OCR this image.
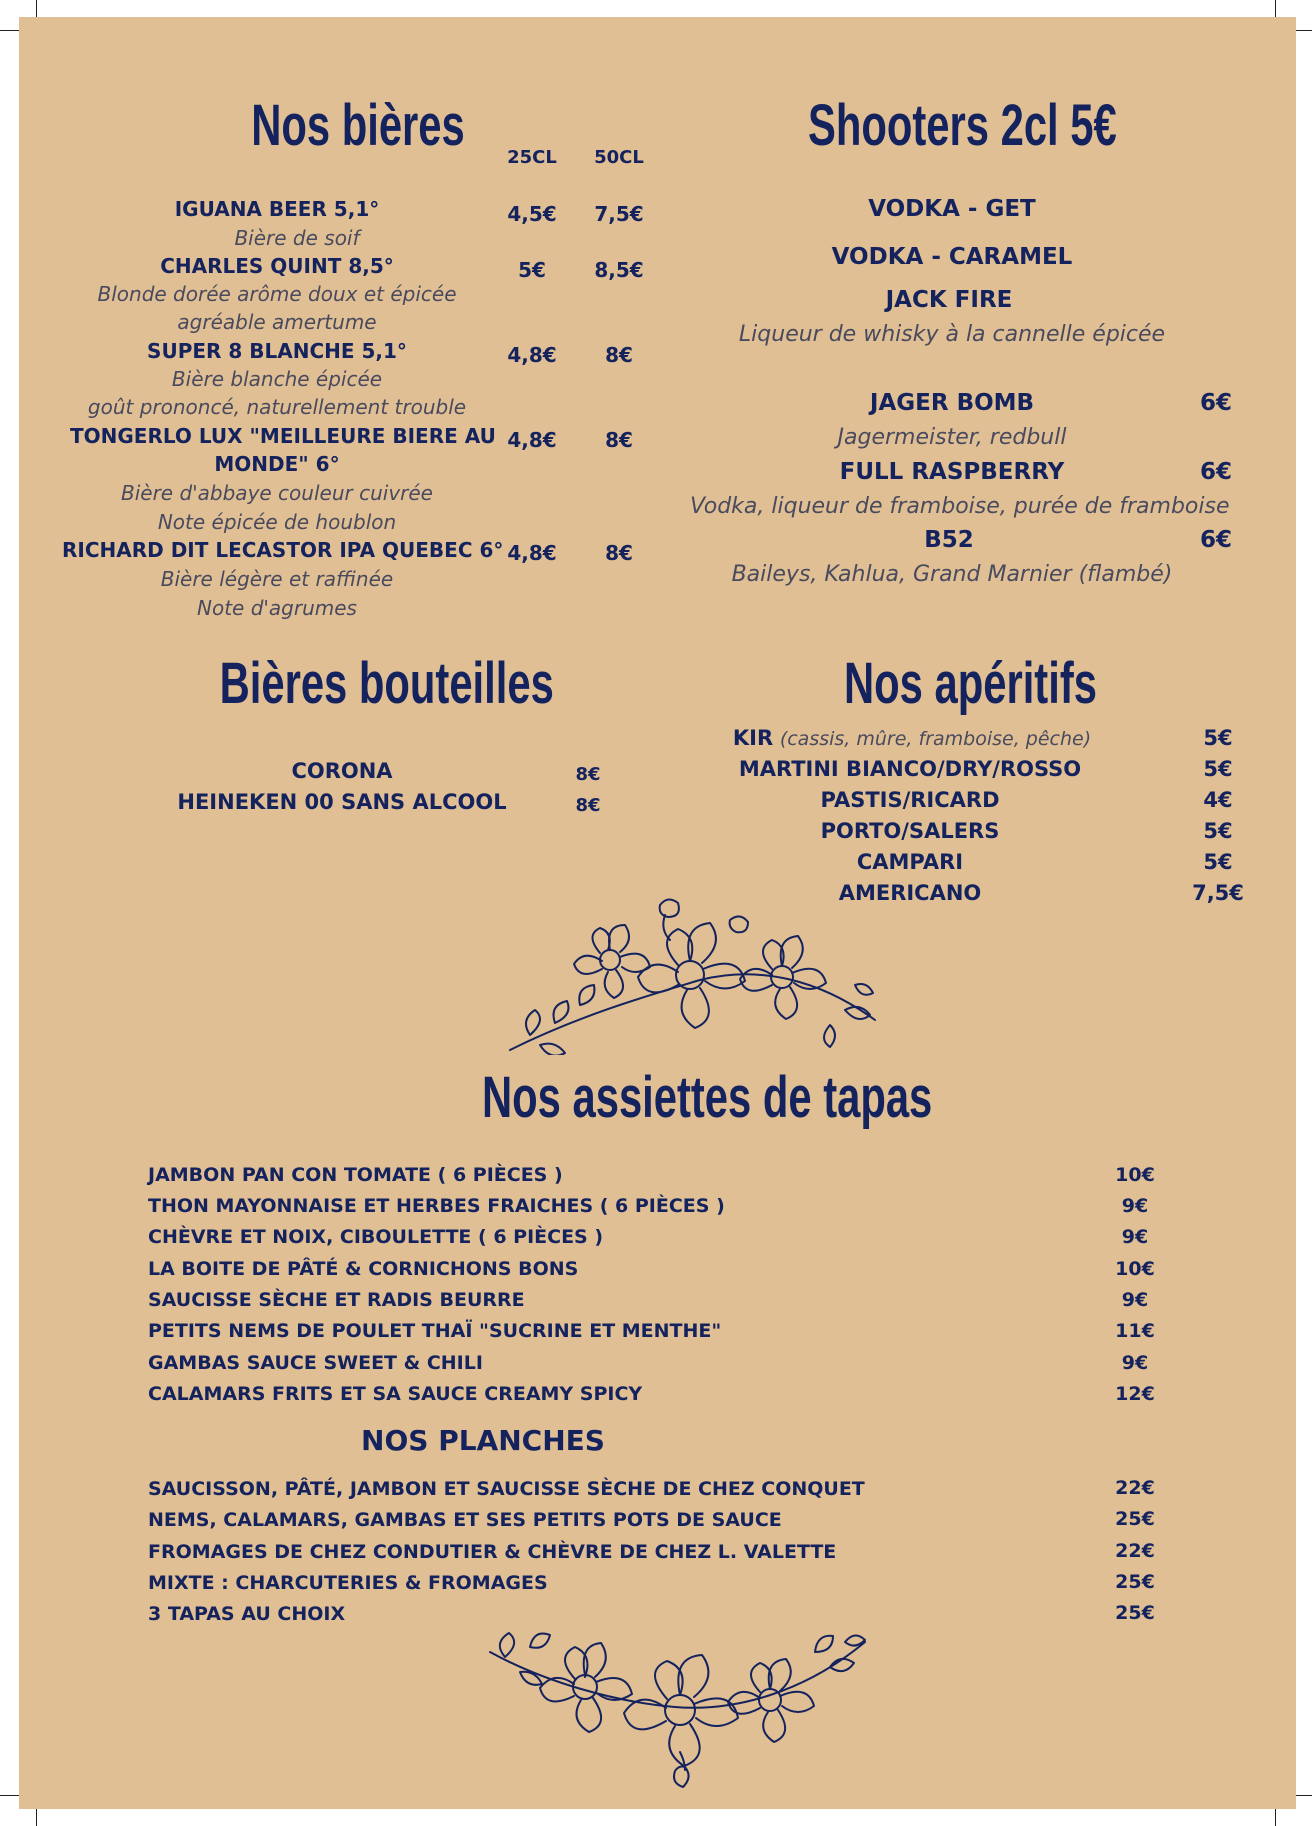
Nos bières	25CL	50CL
IGUANA BEER 5,1°	4,5€	7,5€
Bière de soif
CHARLES QUINT 8,5°	5€	8,5€
Blonde dorée arôme doux et épicée
agréable amertume
SUPER 8 BLANCHE 5,1°	4,8€	8€
Bière blanche épicée
goût prononcé, naturellement trouble
TONGERLO LUX "MEILLEURE BIERE AU
MONDE" 6°
4,8€	8€
Bière d'abbaye couleur cuivrée
Note épicée de houblon
RICHARD DIT LECASTOR IPA QUEBEC 6° 4,8€	8€
Bière légère et raffinée
Note d'agrumes
Shooters 2cl 5€
VODKA - GET
VODKA - CARAMEL
JACK FIRE
Liqueur de whisky à la cannelle épicée
JAGER BOMB	6€
Jagermeister, redbull
FULL RASPBERRY	6€
Vodka, liqueur de framboise, purée de framboise
B52	6€
Baileys, Kahlua, Grand Marnier (flambé)
Bières bouteilles
CORONA	8€
HEINEKEN 00 SANS ALCOOL	8€
Nos apéritifs
KIR (cassis, mûre, framboise, pêche)	5€
MARTINI BIANCO/DRY/ROSSO	5€
PASTIS/RICARD	4€
PORTO/SALERS	5€
CAMPARI	5€
AMERICANO	7,5€
Nos assiettes de tapas
JAMBON PAN CON TOMATE ( 6 PIÈCES )	10€
THON MAYONNAISE ET HERBES FRAICHES ( 6 PIÈCES )	9€
CHÈVRE ET NOIX, CIBOULETTE ( 6 PIÈCES )	9€
LA BOITE DE PÂTÉ & CORNICHONS BONS	10€
SAUCISSE SÈCHE ET RADIS BEURRE	9€
PETITS NEMS DE POULET THAÏ "SUCRINE ET MENTHE"	11€
GAMBAS SAUCE SWEET & CHILI	9€
CALAMARS FRITS ET SA SAUCE CREAMY SPICY	12€
NOS PLANCHES
SAUCISSON, PÂTÉ, JAMBON ET SAUCISSE SÈCHE DE CHEZ CONQUET	22€
NEMS, CALAMARS, GAMBAS ET SES PETITS POTS DE SAUCE	25€
FROMAGES DE CHEZ CONDUTIER & CHÈVRE DE CHEZ L. VALETTE	22€
MIXTE : CHARCUTERIES & FROMAGES	25€
3 TAPAS AU CHOIX	25€
